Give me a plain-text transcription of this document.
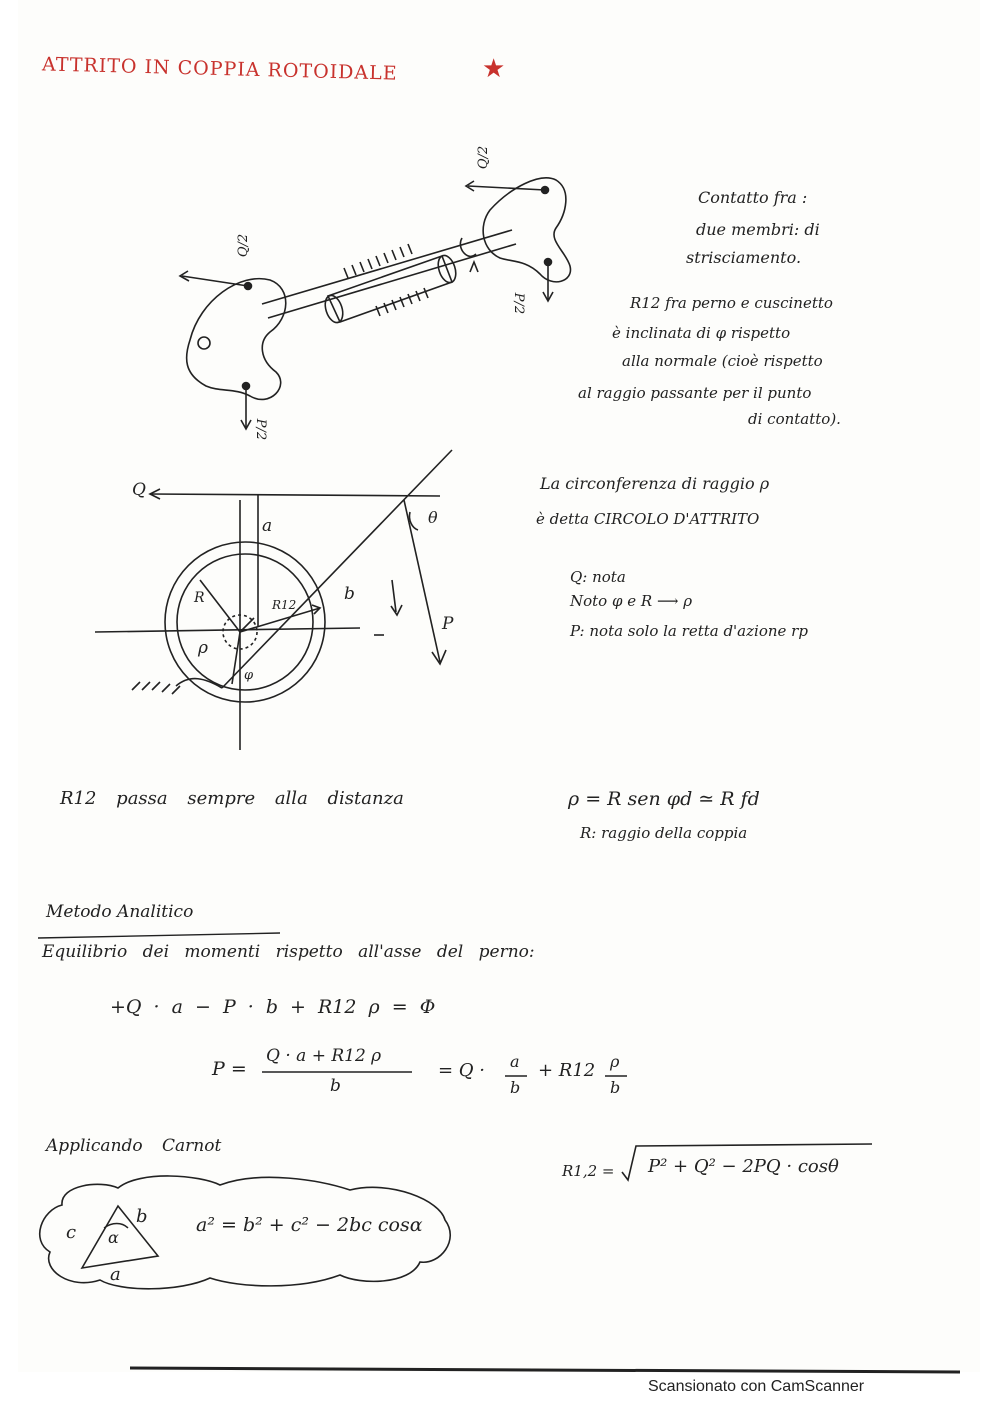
ATTRITO IN COPPIA ROTOIDALE	★
Q/2
Q/2
P/2
P/2
Contatto fra :
due membri: di
strisciamento.
R12 fra perno e cuscinetto
è inclinata di φ rispetto
alla normale (cioè rispetto
al raggio passante per il punto
di contatto).
Q
P
a
b
R	R12
ρ
φ
θ
La circonferenza di raggio ρ
è detta CIRCOLO D'ATTRITO
Q: nota
Noto φ e R ⟶ ρ
P: nota solo la retta d'azione rp
R12 passa sempre alla distanza	ρ = R sen φd ≃ R fd
R: raggio della coppia
Metodo Analitico
Equilibrio dei momenti rispetto all'asse del perno:
+Q · a − P · b + R12 ρ = Φ
P =
Q · a + R12 ρ
b
= Q · a
b
+ R12 ρ
b
Applicando Carnot
R1,2 = P² + Q² − 2PQ · cosθ
c
b
α
a
a² = b² + c² − 2bc cosα
Scansionato con CamScanner
